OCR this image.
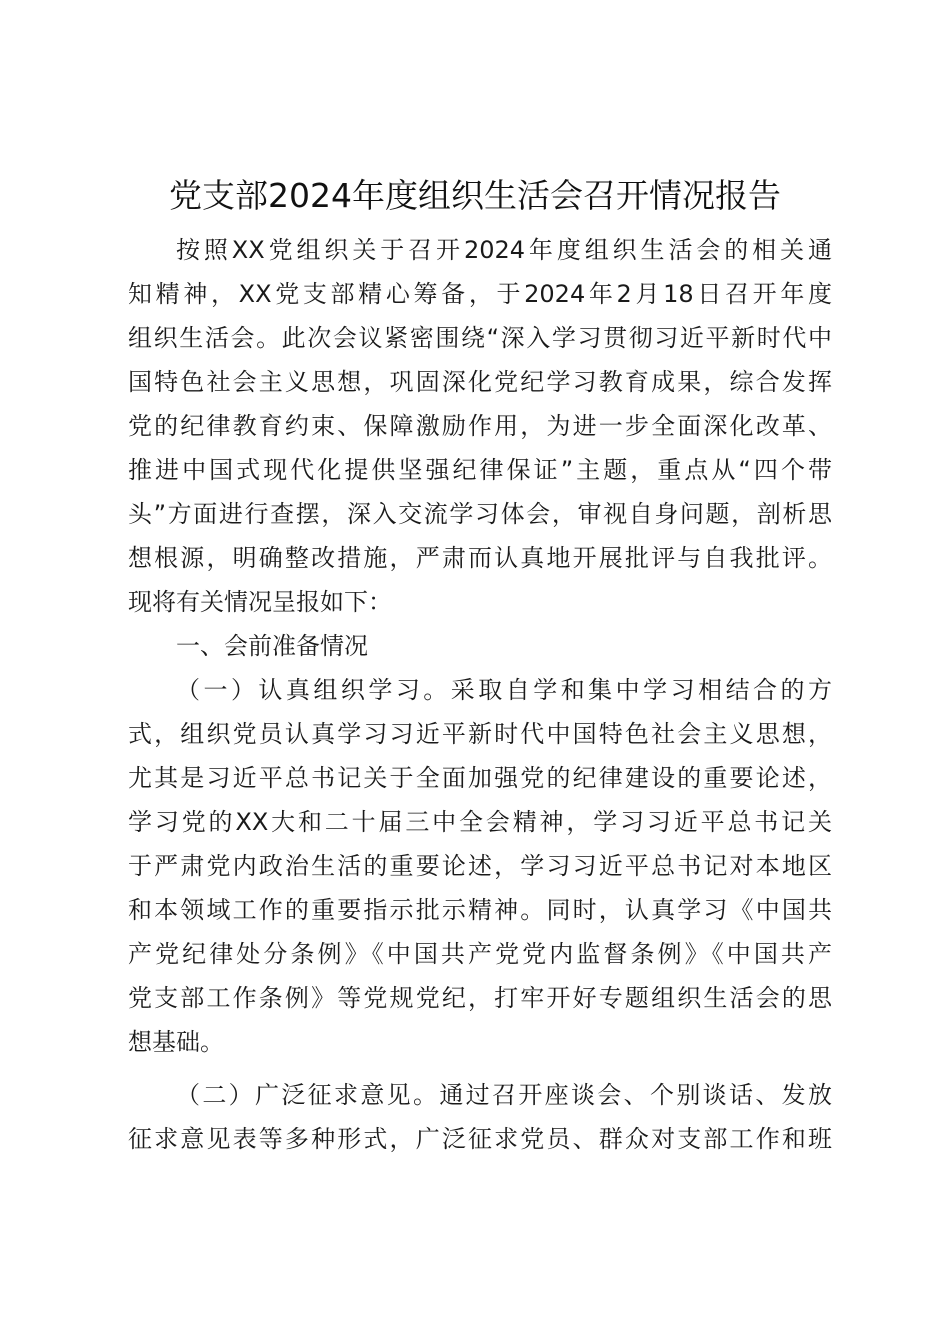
党支部2024年度组织生活会召开情况报告
按照XX党组织关于召开2024年度组织生活会的相关通
知精神，XX党支部精心筹备，于2024年2月18日召开年度
组织生活会。此次会议紧密围绕“深入学习贯彻习近平新时代中
国特色社会主义思想，巩固深化党纪学习教育成果，综合发挥
党的纪律教育约束、保障激励作用，为进一步全面深化改革、
推进中国式现代化提供坚强纪律保证”主题，重点从“四个带
头”方面进行查摆，深入交流学习体会，审视自身问题，剖析思
想根源，明确整改措施，严肃而认真地开展批评与自我批评。
现将有关情况呈报如下：
一、会前准备情况
（一）认真组织学习。采取自学和集中学习相结合的方
式，组织党员认真学习习近平新时代中国特色社会主义思想，
尤其是习近平总书记关于全面加强党的纪律建设的重要论述，
学习党的XX大和二十届三中全会精神，学习习近平总书记关
于严肃党内政治生活的重要论述，学习习近平总书记对本地区
和本领域工作的重要指示批示精神。同时，认真学习《中国共
产党纪律处分条例》《中国共产党党内监督条例》《中国共产
党支部工作条例》等党规党纪，打牢开好专题组织生活会的思
想基础。
（二）广泛征求意见。通过召开座谈会、个别谈话、发放
征求意见表等多种形式，广泛征求党员、群众对支部工作和班
